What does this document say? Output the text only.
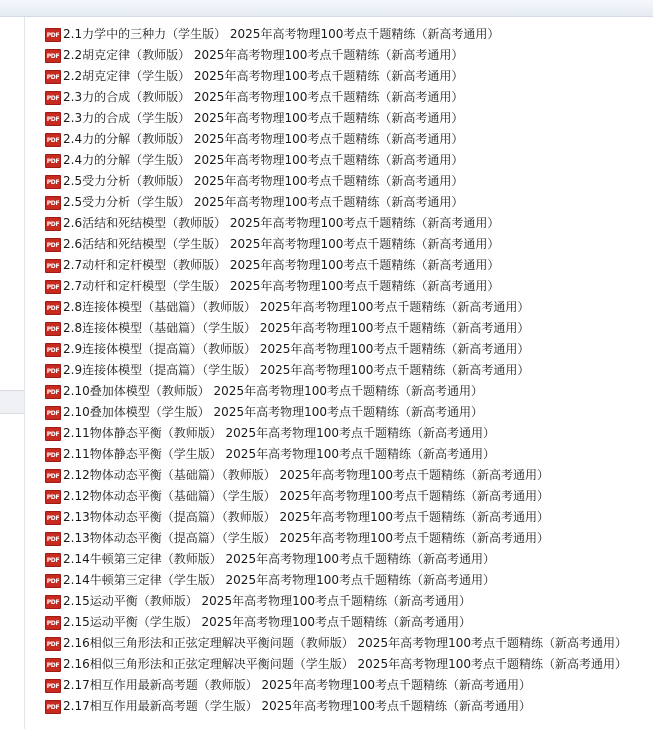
PDF 2.1力学中的三种力（学生版） 2025年高考物理100考点千题精练（新高考通用）
PDF 2.2胡克定律（教师版） 2025年高考物理100考点千题精练（新高考通用）
PDF 2.2胡克定律（学生版） 2025年高考物理100考点千题精练（新高考通用）
PDF 2.3力的合成（教师版） 2025年高考物理100考点千题精练（新高考通用）
PDF 2.3力的合成（学生版） 2025年高考物理100考点千题精练（新高考通用）
PDF 2.4力的分解（教师版） 2025年高考物理100考点千题精练（新高考通用）
PDF 2.4力的分解（学生版） 2025年高考物理100考点千题精练（新高考通用）
PDF 2.5受力分析（教师版） 2025年高考物理100考点千题精练（新高考通用）
PDF 2.5受力分析（学生版） 2025年高考物理100考点千题精练（新高考通用）
PDF 2.6活结和死结模型（教师版） 2025年高考物理100考点千题精练（新高考通用）
PDF 2.6活结和死结模型（学生版） 2025年高考物理100考点千题精练（新高考通用）
PDF 2.7动杆和定杆模型（教师版） 2025年高考物理100考点千题精练（新高考通用）
PDF 2.7动杆和定杆模型（学生版） 2025年高考物理100考点千题精练（新高考通用）
PDF 2.8连接体模型（基础篇）（教师版） 2025年高考物理100考点千题精练（新高考通用）
PDF 2.8连接体模型（基础篇）（学生版） 2025年高考物理100考点千题精练（新高考通用）
PDF 2.9连接体模型（提高篇）（教师版） 2025年高考物理100考点千题精练（新高考通用）
PDF 2.9连接体模型（提高篇）（学生版） 2025年高考物理100考点千题精练（新高考通用）
PDF 2.10叠加体模型（教师版） 2025年高考物理100考点千题精练（新高考通用）
PDF 2.10叠加体模型（学生版） 2025年高考物理100考点千题精练（新高考通用）
PDF 2.11物体静态平衡（教师版） 2025年高考物理100考点千题精练（新高考通用）
PDF 2.11物体静态平衡（学生版） 2025年高考物理100考点千题精练（新高考通用）
PDF 2.12物体动态平衡（基础篇）（教师版） 2025年高考物理100考点千题精练（新高考通用）
PDF 2.12物体动态平衡（基础篇）（学生版） 2025年高考物理100考点千题精练（新高考通用）
PDF 2.13物体动态平衡（提高篇）（教师版） 2025年高考物理100考点千题精练（新高考通用）
PDF 2.13物体动态平衡（提高篇）（学生版） 2025年高考物理100考点千题精练（新高考通用）
PDF 2.14牛顿第三定律（教师版） 2025年高考物理100考点千题精练（新高考通用）
PDF 2.14牛顿第三定律（学生版） 2025年高考物理100考点千题精练（新高考通用）
PDF 2.15运动平衡（教师版） 2025年高考物理100考点千题精练（新高考通用）
PDF 2.15运动平衡（学生版） 2025年高考物理100考点千题精练（新高考通用）
PDF 2.16相似三角形法和正弦定理解决平衡问题（教师版） 2025年高考物理100考点千题精练（新高考通用）
PDF 2.16相似三角形法和正弦定理解决平衡问题（学生版） 2025年高考物理100考点千题精练（新高考通用）
PDF 2.17相互作用最新高考题（教师版） 2025年高考物理100考点千题精练（新高考通用）
PDF 2.17相互作用最新高考题（学生版） 2025年高考物理100考点千题精练（新高考通用）
